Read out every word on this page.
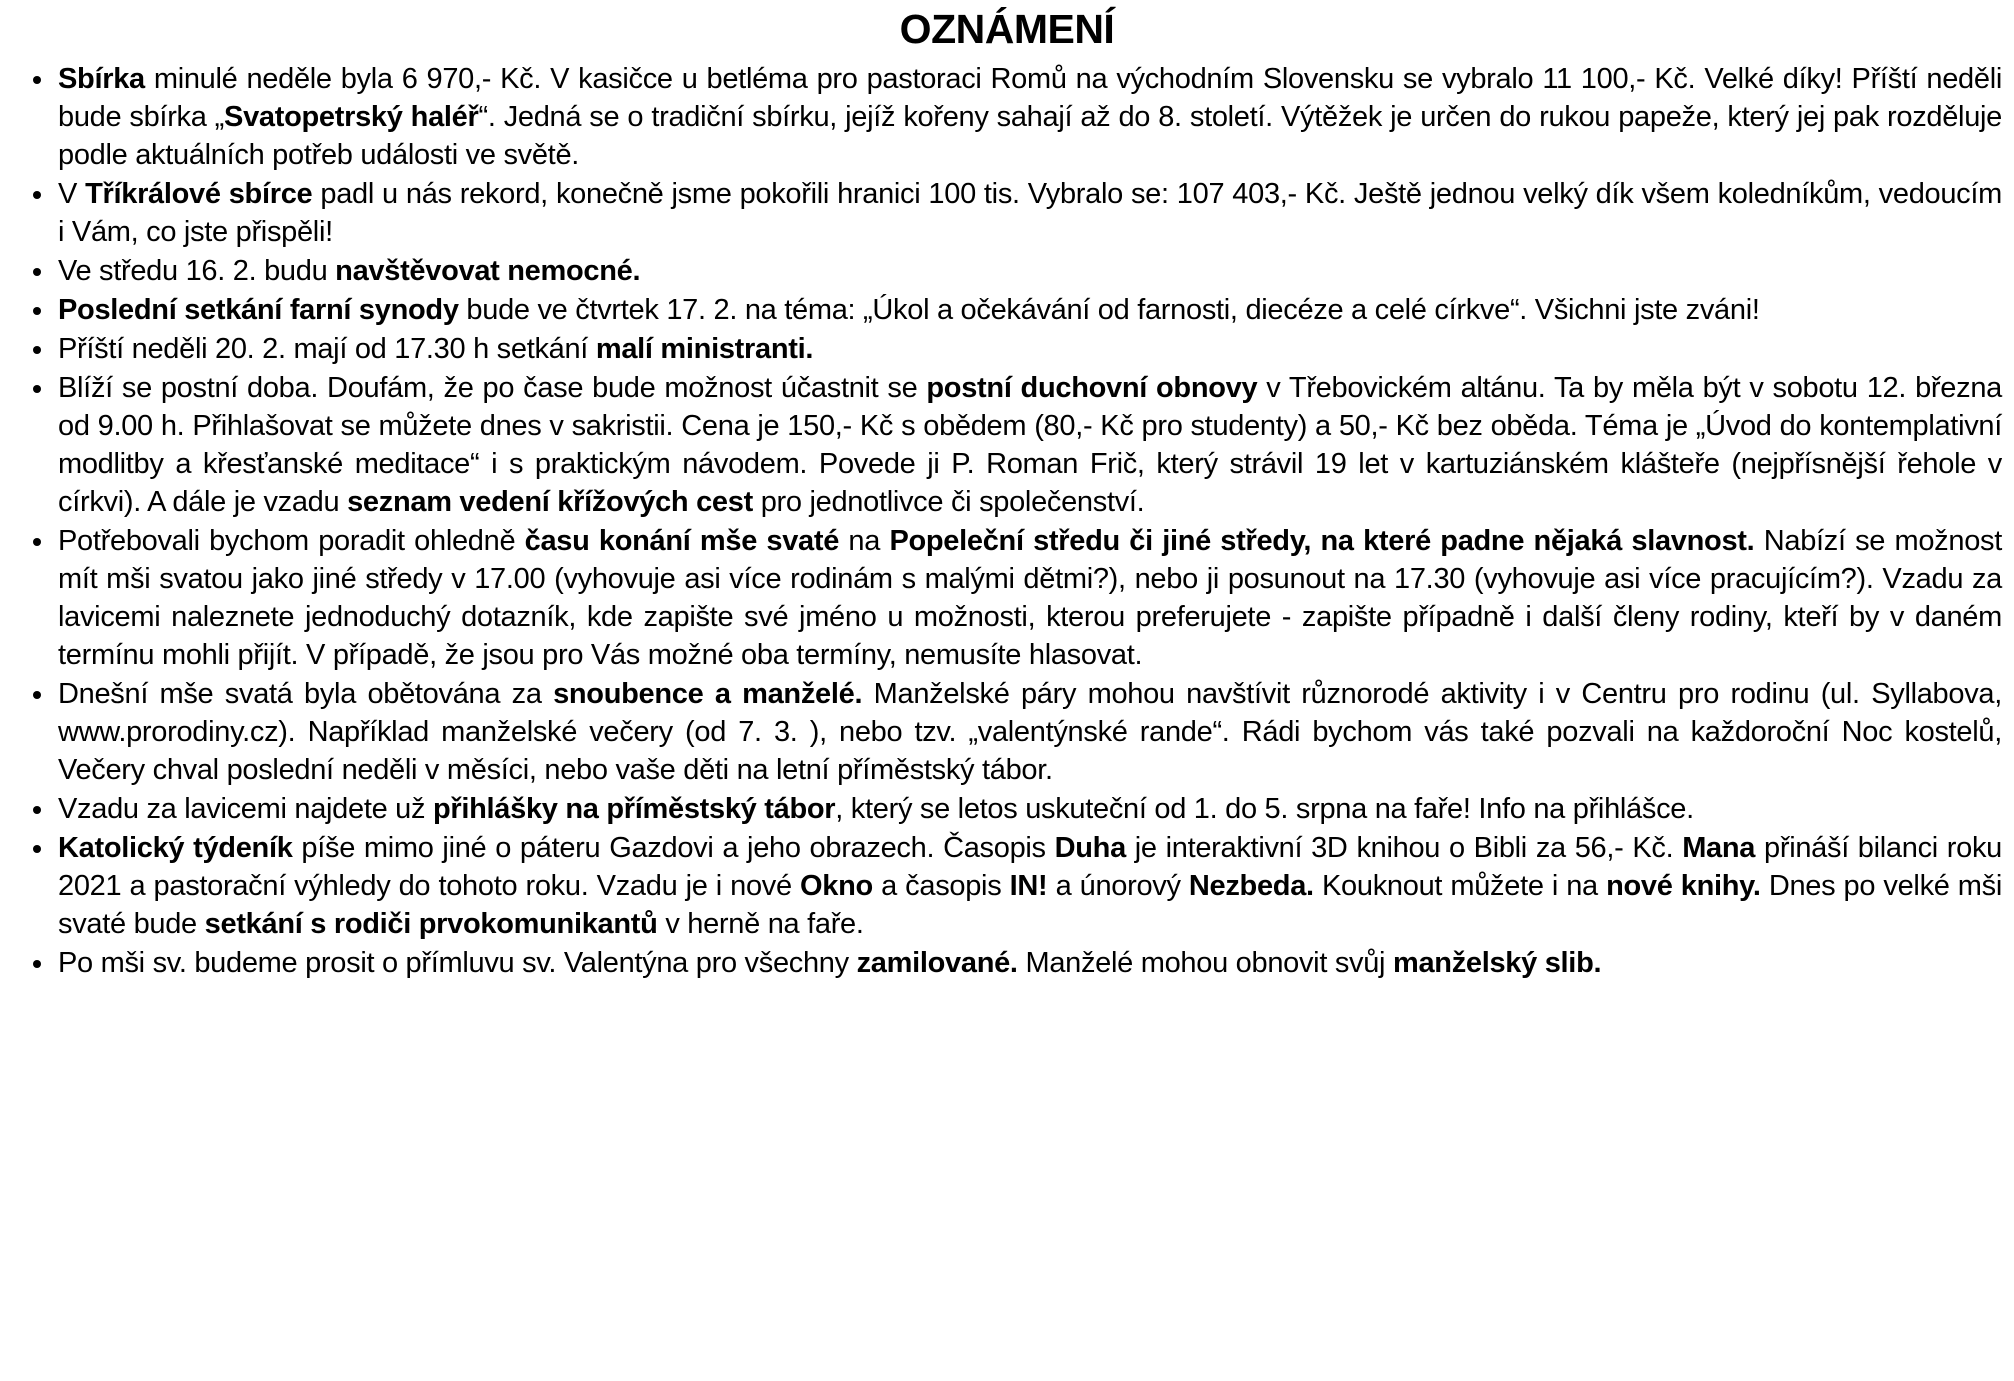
OZNÁMENÍ
• Sbírka minulé neděle byla 6 970,- Kč. V kasičce u betléma pro pastoraci Romů na východním Slovensku se vybralo 11 100,- Kč. Velké díky! Příští neděli bude sbírka „Svatopetrský haléř“. Jedná se o tradiční sbírku, jejíž kořeny sahají až do 8. století. Výtěžek je určen do rukou papeže, který jej pak rozděluje podle aktuálních potřeb události ve světě.
• V Tříkrálové sbírce padl u nás rekord, konečně jsme pokořili hranici 100 tis. Vybralo se: 107 403,- Kč. Ještě jednou velký dík všem koledníkům, vedoucím i Vám, co jste přispěli!
• Ve středu 16. 2. budu navštěvovat nemocné.
• Poslední setkání farní synody bude ve čtvrtek 17. 2. na téma: „Úkol a očekávání od farnosti, diecéze a celé církve“. Všichni jste zváni!
• Příští neděli 20. 2. mají od 17.30 h setkání malí ministranti.
• Blíží se postní doba. Doufám, že po čase bude možnost účastnit se postní duchovní obnovy v Třebovickém altánu. Ta by měla být v sobotu 12. března od 9.00 h. Přihlašovat se můžete dnes v sakristii. Cena je 150,- Kč s obědem (80,- Kč pro studenty) a 50,- Kč bez oběda. Téma je „Úvod do kontemplativní modlitby a křesťanské meditace“ i s praktickým návodem. Povede ji P. Roman Frič, který strávil 19 let v kartuziánském klášteře (nejpřísnější řehole v církvi). A dále je vzadu seznam vedení křížových cest pro jednotlivce či společenství.
• Potřebovali bychom poradit ohledně času konání mše svaté na Popeleční středu či jiné středy, na které padne nějaká slavnost. Nabízí se možnost mít mši svatou jako jiné středy v 17.00 (vyhovuje asi více rodinám s malými dětmi?), nebo ji posunout na 17.30 (vyhovuje asi více pracujícím?). Vzadu za lavicemi naleznete jednoduchý dotazník, kde zapište své jméno u možnosti, kterou preferujete - zapište případně i další členy rodiny, kteří by v daném termínu mohli přijít. V případě, že jsou pro Vás možné oba termíny, nemusíte hlasovat.
• Dnešní mše svatá byla obětována za snoubence a manželé. Manželské páry mohou navštívit různorodé aktivity i v Centru pro rodinu (ul. Syllabova, www.prorodiny.cz). Například manželské večery (od 7. 3. ), nebo tzv. „valentýnské rande“. Rádi bychom vás také pozvali na každoroční Noc kostelů, Večery chval poslední neděli v měsíci, nebo vaše děti na letní příměstský tábor.
• Vzadu za lavicemi najdete už přihlášky na příměstský tábor, který se letos uskuteční od 1. do 5. srpna na faře! Info na přihlášce.
• Katolický týdeník píše mimo jiné o páteru Gazdovi a jeho obrazech. Časopis Duha je interaktivní 3D knihou o Bibli za 56,- Kč. Mana přináší bilanci roku 2021 a pastorační výhledy do tohoto roku. Vzadu je i nové Okno a časopis IN! a únorový Nezbeda. Kouknout můžete i na nové knihy. Dnes po velké mši svaté bude setkání s rodiči prvokomunikantů v herně na faře.
• Po mši sv. budeme prosit o přímluvu sv. Valentýna pro všechny zamilované. Manželé mohou obnovit svůj manželský slib.
